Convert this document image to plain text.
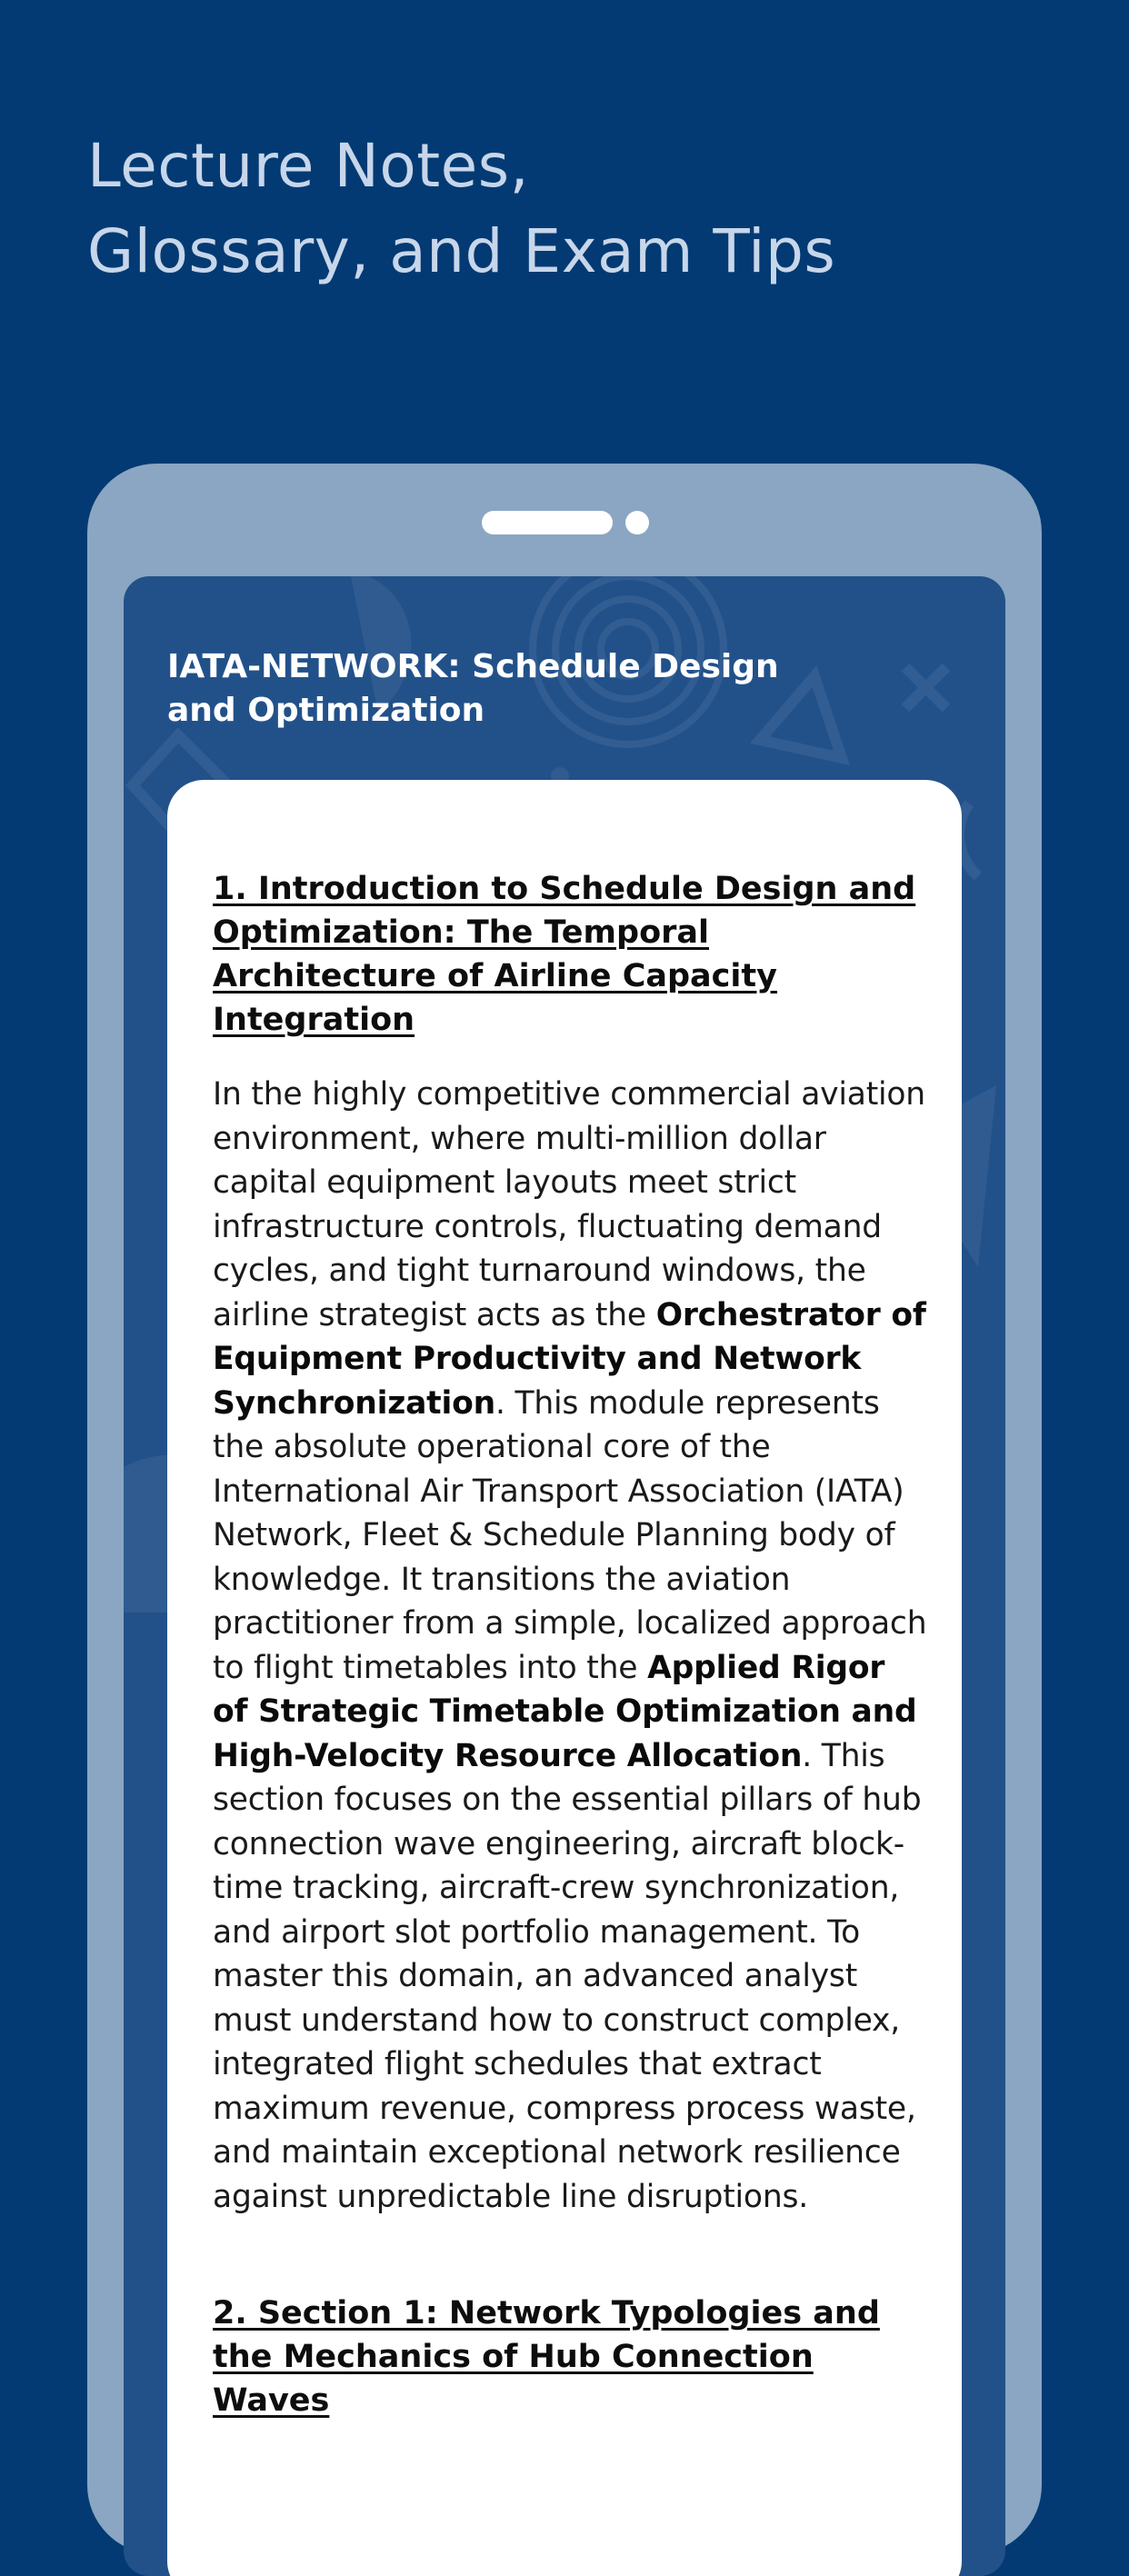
Lecture Notes,
Glossary, and Exam Tips
IATA-NETWORK: Schedule Design and Optimization
1. Introduction to Schedule Design and Optimization: The Temporal Architecture of Airline Capacity Integration

In the highly competitive commercial aviation environment, where multi-million dollar capital equipment layouts meet strict infrastructure controls, fluctuating demand cycles, and tight turnaround windows, the airline strategist acts as the Orchestrator of Equipment Productivity and Network Synchronization. This module represents the absolute operational core of the International Air Transport Association (IATA) Network, Fleet & Schedule Planning body of knowledge. It transitions the aviation practitioner from a simple, localized approach to flight timetables into the Applied Rigor of Strategic Timetable Optimization and High-Velocity Resource Allocation. This section focuses on the essential pillars of hub connection wave engineering, aircraft block-time tracking, aircraft-crew synchronization, and airport slot portfolio management. To master this domain, an advanced analyst must understand how to construct complex, integrated flight schedules that extract maximum revenue, compress process waste, and maintain exceptional network resilience against unpredictable line disruptions.

2. Section 1: Network Typologies and the Mechanics of Hub Connection Waves
